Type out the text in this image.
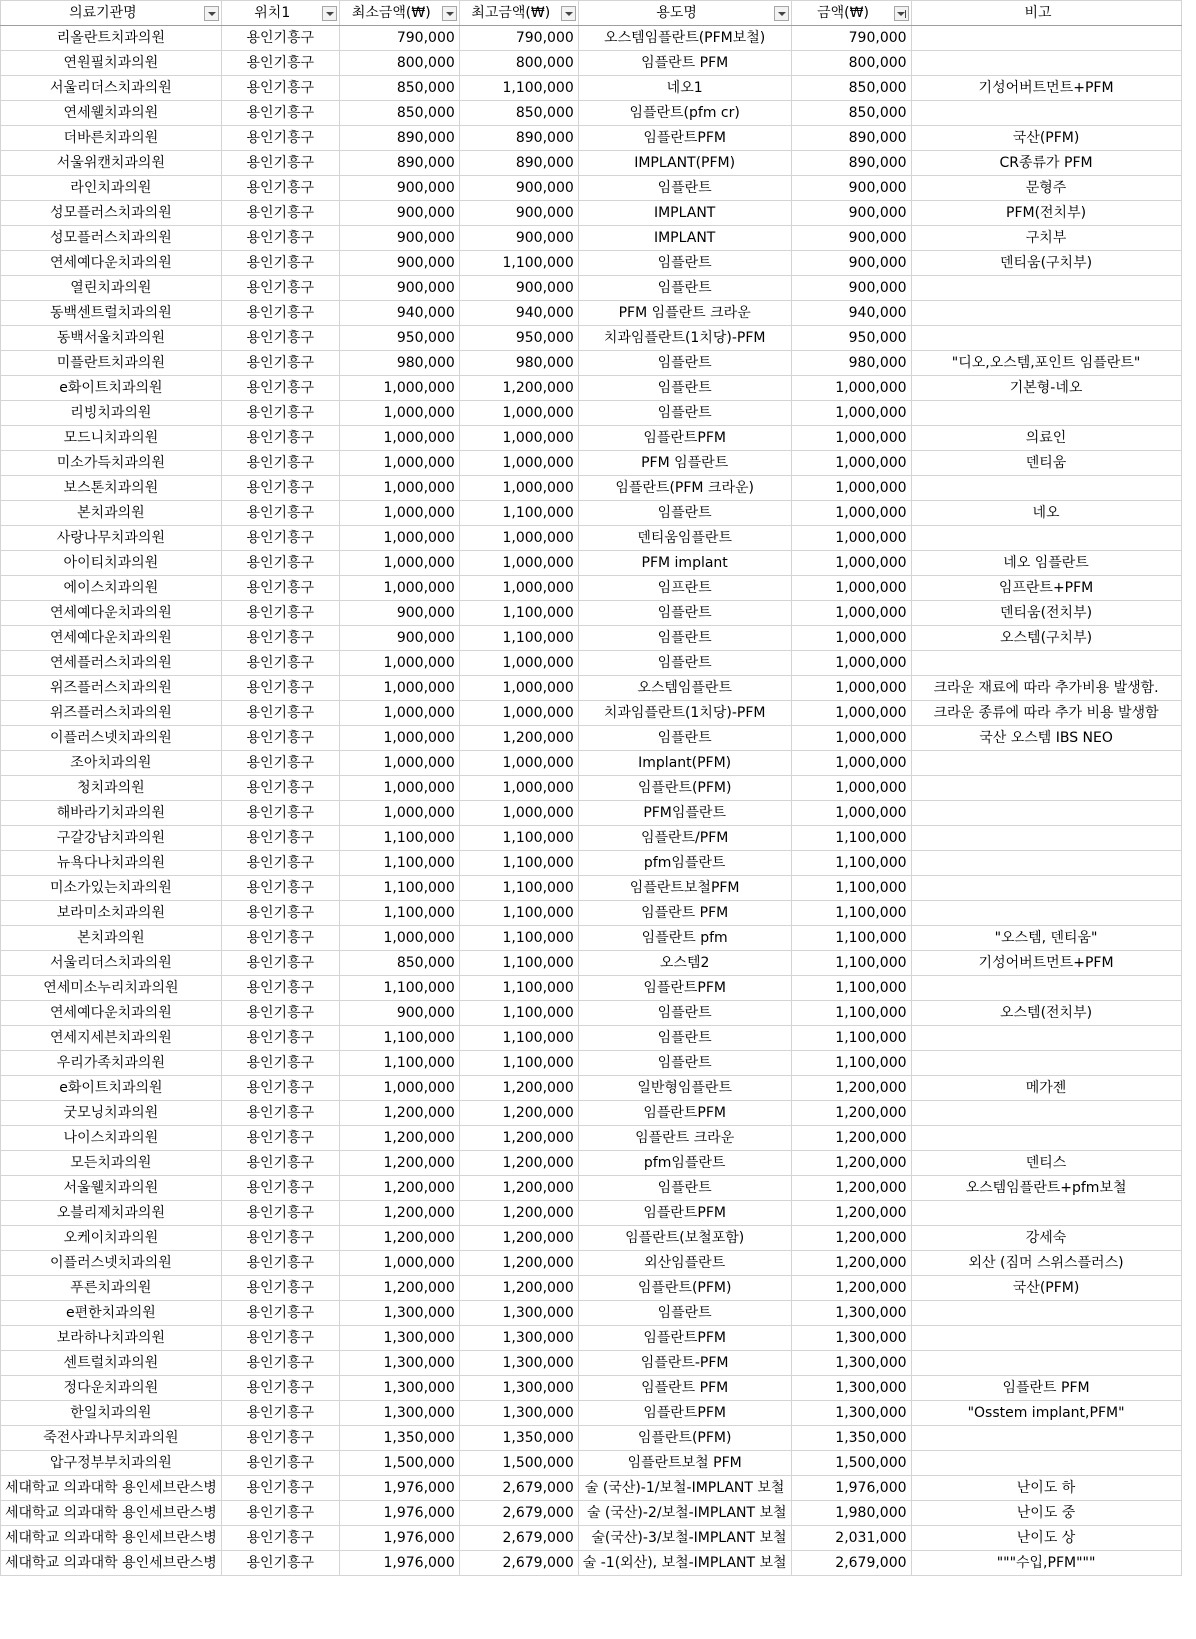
의료기관명	위치1	최소금액(₩)	최고금액(₩)	용도명	금액(₩)	비고
리올란트치과의원	용인기흥구	790,000	790,000	오스템임플란트(PFM보철)	790,000	
연원필치과의원	용인기흥구	800,000	800,000	임플란트 PFM	800,000	
서울리더스치과의원	용인기흥구	850,000	1,100,000	네오1	850,000	기성어버트먼트+PFM
연세웰치과의원	용인기흥구	850,000	850,000	임플란트(pfm cr)	850,000	
더바른치과의원	용인기흥구	890,000	890,000	임플란트PFM	890,000	국산(PFM)
서울위캔치과의원	용인기흥구	890,000	890,000	IMPLANT(PFM)	890,000	CR종류가 PFM
라인치과의원	용인기흥구	900,000	900,000	임플란트	900,000	문형주
성모플러스치과의원	용인기흥구	900,000	900,000	IMPLANT	900,000	PFM(전치부)
성모플러스치과의원	용인기흥구	900,000	900,000	IMPLANT	900,000	구치부
연세예다운치과의원	용인기흥구	900,000	1,100,000	임플란트	900,000	덴티움(구치부)
열린치과의원	용인기흥구	900,000	900,000	임플란트	900,000	
동백센트럴치과의원	용인기흥구	940,000	940,000	PFM 임플란트 크라운	940,000	
동백서울치과의원	용인기흥구	950,000	950,000	치과임플란트(1치당)-PFM	950,000	
미플란트치과의원	용인기흥구	980,000	980,000	임플란트	980,000	"디오,오스템,포인트 임플란트"
e화이트치과의원	용인기흥구	1,000,000	1,200,000	임플란트	1,000,000	기본형-네오
리빙치과의원	용인기흥구	1,000,000	1,000,000	임플란트	1,000,000	
모드니치과의원	용인기흥구	1,000,000	1,000,000	임플란트PFM	1,000,000	의료인
미소가득치과의원	용인기흥구	1,000,000	1,000,000	PFM 임플란트	1,000,000	덴티움
보스톤치과의원	용인기흥구	1,000,000	1,000,000	임플란트(PFM 크라운)	1,000,000	
본치과의원	용인기흥구	1,000,000	1,100,000	임플란트	1,000,000	네오
사랑나무치과의원	용인기흥구	1,000,000	1,000,000	덴티움임플란트	1,000,000	
아이티치과의원	용인기흥구	1,000,000	1,000,000	PFM implant	1,000,000	네오 임플란트
에이스치과의원	용인기흥구	1,000,000	1,000,000	임프란트	1,000,000	임프란트+PFM
연세예다운치과의원	용인기흥구	900,000	1,100,000	임플란트	1,000,000	덴티움(전치부)
연세예다운치과의원	용인기흥구	900,000	1,100,000	임플란트	1,000,000	오스템(구치부)
연세플러스치과의원	용인기흥구	1,000,000	1,000,000	임플란트	1,000,000	
위즈플러스치과의원	용인기흥구	1,000,000	1,000,000	오스템임플란트	1,000,000	크라운 재료에 따라 추가비용 발생함.
위즈플러스치과의원	용인기흥구	1,000,000	1,000,000	치과임플란트(1치당)-PFM	1,000,000	크라운 종류에 따라 추가 비용 발생함
이플러스넷치과의원	용인기흥구	1,000,000	1,200,000	임플란트	1,000,000	국산 오스템 IBS NEO
조아치과의원	용인기흥구	1,000,000	1,000,000	Implant(PFM)	1,000,000	
청치과의원	용인기흥구	1,000,000	1,000,000	임플란트(PFM)	1,000,000	
해바라기치과의원	용인기흥구	1,000,000	1,000,000	PFM임플란트	1,000,000	
구갈강남치과의원	용인기흥구	1,100,000	1,100,000	임플란트/PFM	1,100,000	
뉴욕다나치과의원	용인기흥구	1,100,000	1,100,000	pfm임플란트	1,100,000	
미소가있는치과의원	용인기흥구	1,100,000	1,100,000	임플란트보철PFM	1,100,000	
보라미소치과의원	용인기흥구	1,100,000	1,100,000	임플란트 PFM	1,100,000	
본치과의원	용인기흥구	1,000,000	1,100,000	임플란트 pfm	1,100,000	"오스템, 덴티움"
서울리더스치과의원	용인기흥구	850,000	1,100,000	오스템2	1,100,000	기성어버트먼트+PFM
연세미소누리치과의원	용인기흥구	1,100,000	1,100,000	임플란트PFM	1,100,000	
연세예다운치과의원	용인기흥구	900,000	1,100,000	임플란트	1,100,000	오스템(전치부)
연세지세븐치과의원	용인기흥구	1,100,000	1,100,000	임플란트	1,100,000	
우리가족치과의원	용인기흥구	1,100,000	1,100,000	임플란트	1,100,000	
e화이트치과의원	용인기흥구	1,000,000	1,200,000	일반형임플란트	1,200,000	메가젠
굿모닝치과의원	용인기흥구	1,200,000	1,200,000	임플란트PFM	1,200,000	
나이스치과의원	용인기흥구	1,200,000	1,200,000	임플란트 크라운	1,200,000	
모든치과의원	용인기흥구	1,200,000	1,200,000	pfm임플란트	1,200,000	덴티스
서울웰치과의원	용인기흥구	1,200,000	1,200,000	임플란트	1,200,000	오스템임플란트+pfm보철
오블리제치과의원	용인기흥구	1,200,000	1,200,000	임플란트PFM	1,200,000	
오케이치과의원	용인기흥구	1,200,000	1,200,000	임플란트(보철포함)	1,200,000	강세숙
이플러스넷치과의원	용인기흥구	1,000,000	1,200,000	외산임플란트	1,200,000	외산 (짐머 스위스플러스)
푸른치과의원	용인기흥구	1,200,000	1,200,000	임플란트(PFM)	1,200,000	국산(PFM)
e편한치과의원	용인기흥구	1,300,000	1,300,000	임플란트	1,300,000	
보라하나치과의원	용인기흥구	1,300,000	1,300,000	임플란트PFM	1,300,000	
센트럴치과의원	용인기흥구	1,300,000	1,300,000	임플란트-PFM	1,300,000	
정다운치과의원	용인기흥구	1,300,000	1,300,000	임플란트 PFM	1,300,000	임플란트 PFM
한일치과의원	용인기흥구	1,300,000	1,300,000	임플란트PFM	1,300,000	"Osstem implant,PFM"
죽전사과나무치과의원	용인기흥구	1,350,000	1,350,000	임플란트(PFM)	1,350,000	
압구정부부치과의원	용인기흥구	1,500,000	1,500,000	임플란트보철 PFM	1,500,000	
세대학교 의과대학 용인세브란스병	용인기흥구	1,976,000	2,679,000	술 (국산)-1/보철-IMPLANT 보철	1,976,000	난이도 하
세대학교 의과대학 용인세브란스병	용인기흥구	1,976,000	2,679,000	술 (국산)-2/보철-IMPLANT 보철	1,980,000	난이도 중
세대학교 의과대학 용인세브란스병	용인기흥구	1,976,000	2,679,000	술(국산)-3/보철-IMPLANT 보철	2,031,000	난이도 상
세대학교 의과대학 용인세브란스병	용인기흥구	1,976,000	2,679,000	술 -1(외산), 보철-IMPLANT 보철	2,679,000	"""수입,PFM"""
